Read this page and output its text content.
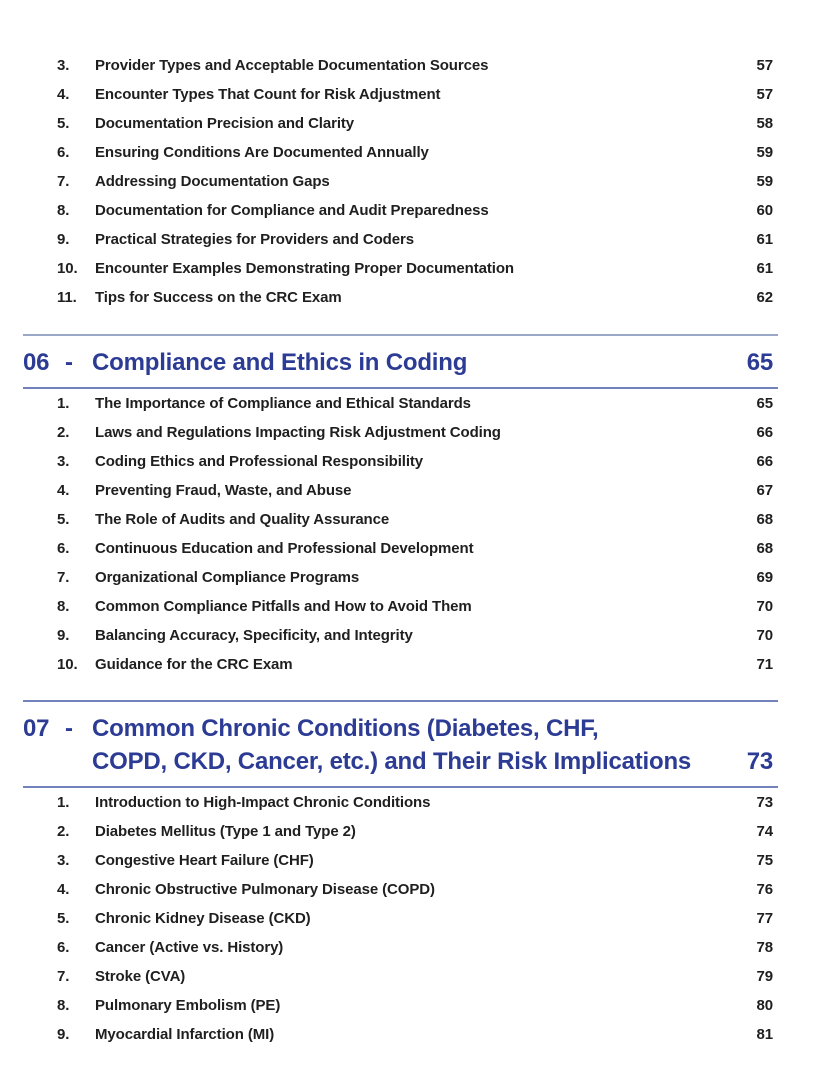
3.	Provider Types and Acceptable Documentation Sources	57
4.	Encounter Types That Count for Risk Adjustment	57
5.	Documentation Precision and Clarity	58
6.	Ensuring Conditions Are Documented Annually	59
7.	Addressing Documentation Gaps	59
8.	Documentation for Compliance and Audit Preparedness	60
9.	Practical Strategies for Providers and Coders	61
10.	Encounter Examples Demonstrating Proper Documentation	61
11.	Tips for Success on the CRC Exam	62
06 - Compliance and Ethics in Coding	65
1.	The Importance of Compliance and Ethical Standards	65
2.	Laws and Regulations Impacting Risk Adjustment Coding	66
3.	Coding Ethics and Professional Responsibility	66
4.	Preventing Fraud, Waste, and Abuse	67
5.	The Role of Audits and Quality Assurance	68
6.	Continuous Education and Professional Development	68
7.	Organizational Compliance Programs	69
8.	Common Compliance Pitfalls and How to Avoid Them	70
9.	Balancing Accuracy, Specificity, and Integrity	70
10.	Guidance for the CRC Exam	71
07 - Common Chronic Conditions (Diabetes, CHF,
COPD, CKD, Cancer, etc.) and Their Risk Implications	73
1.	Introduction to High-Impact Chronic Conditions	73
2.	Diabetes Mellitus (Type 1 and Type 2)	74
3.	Congestive Heart Failure (CHF)	75
4.	Chronic Obstructive Pulmonary Disease (COPD)	76
5.	Chronic Kidney Disease (CKD)	77
6.	Cancer (Active vs. History)	78
7.	Stroke (CVA)	79
8.	Pulmonary Embolism (PE)	80
9.	Myocardial Infarction (MI)	81
